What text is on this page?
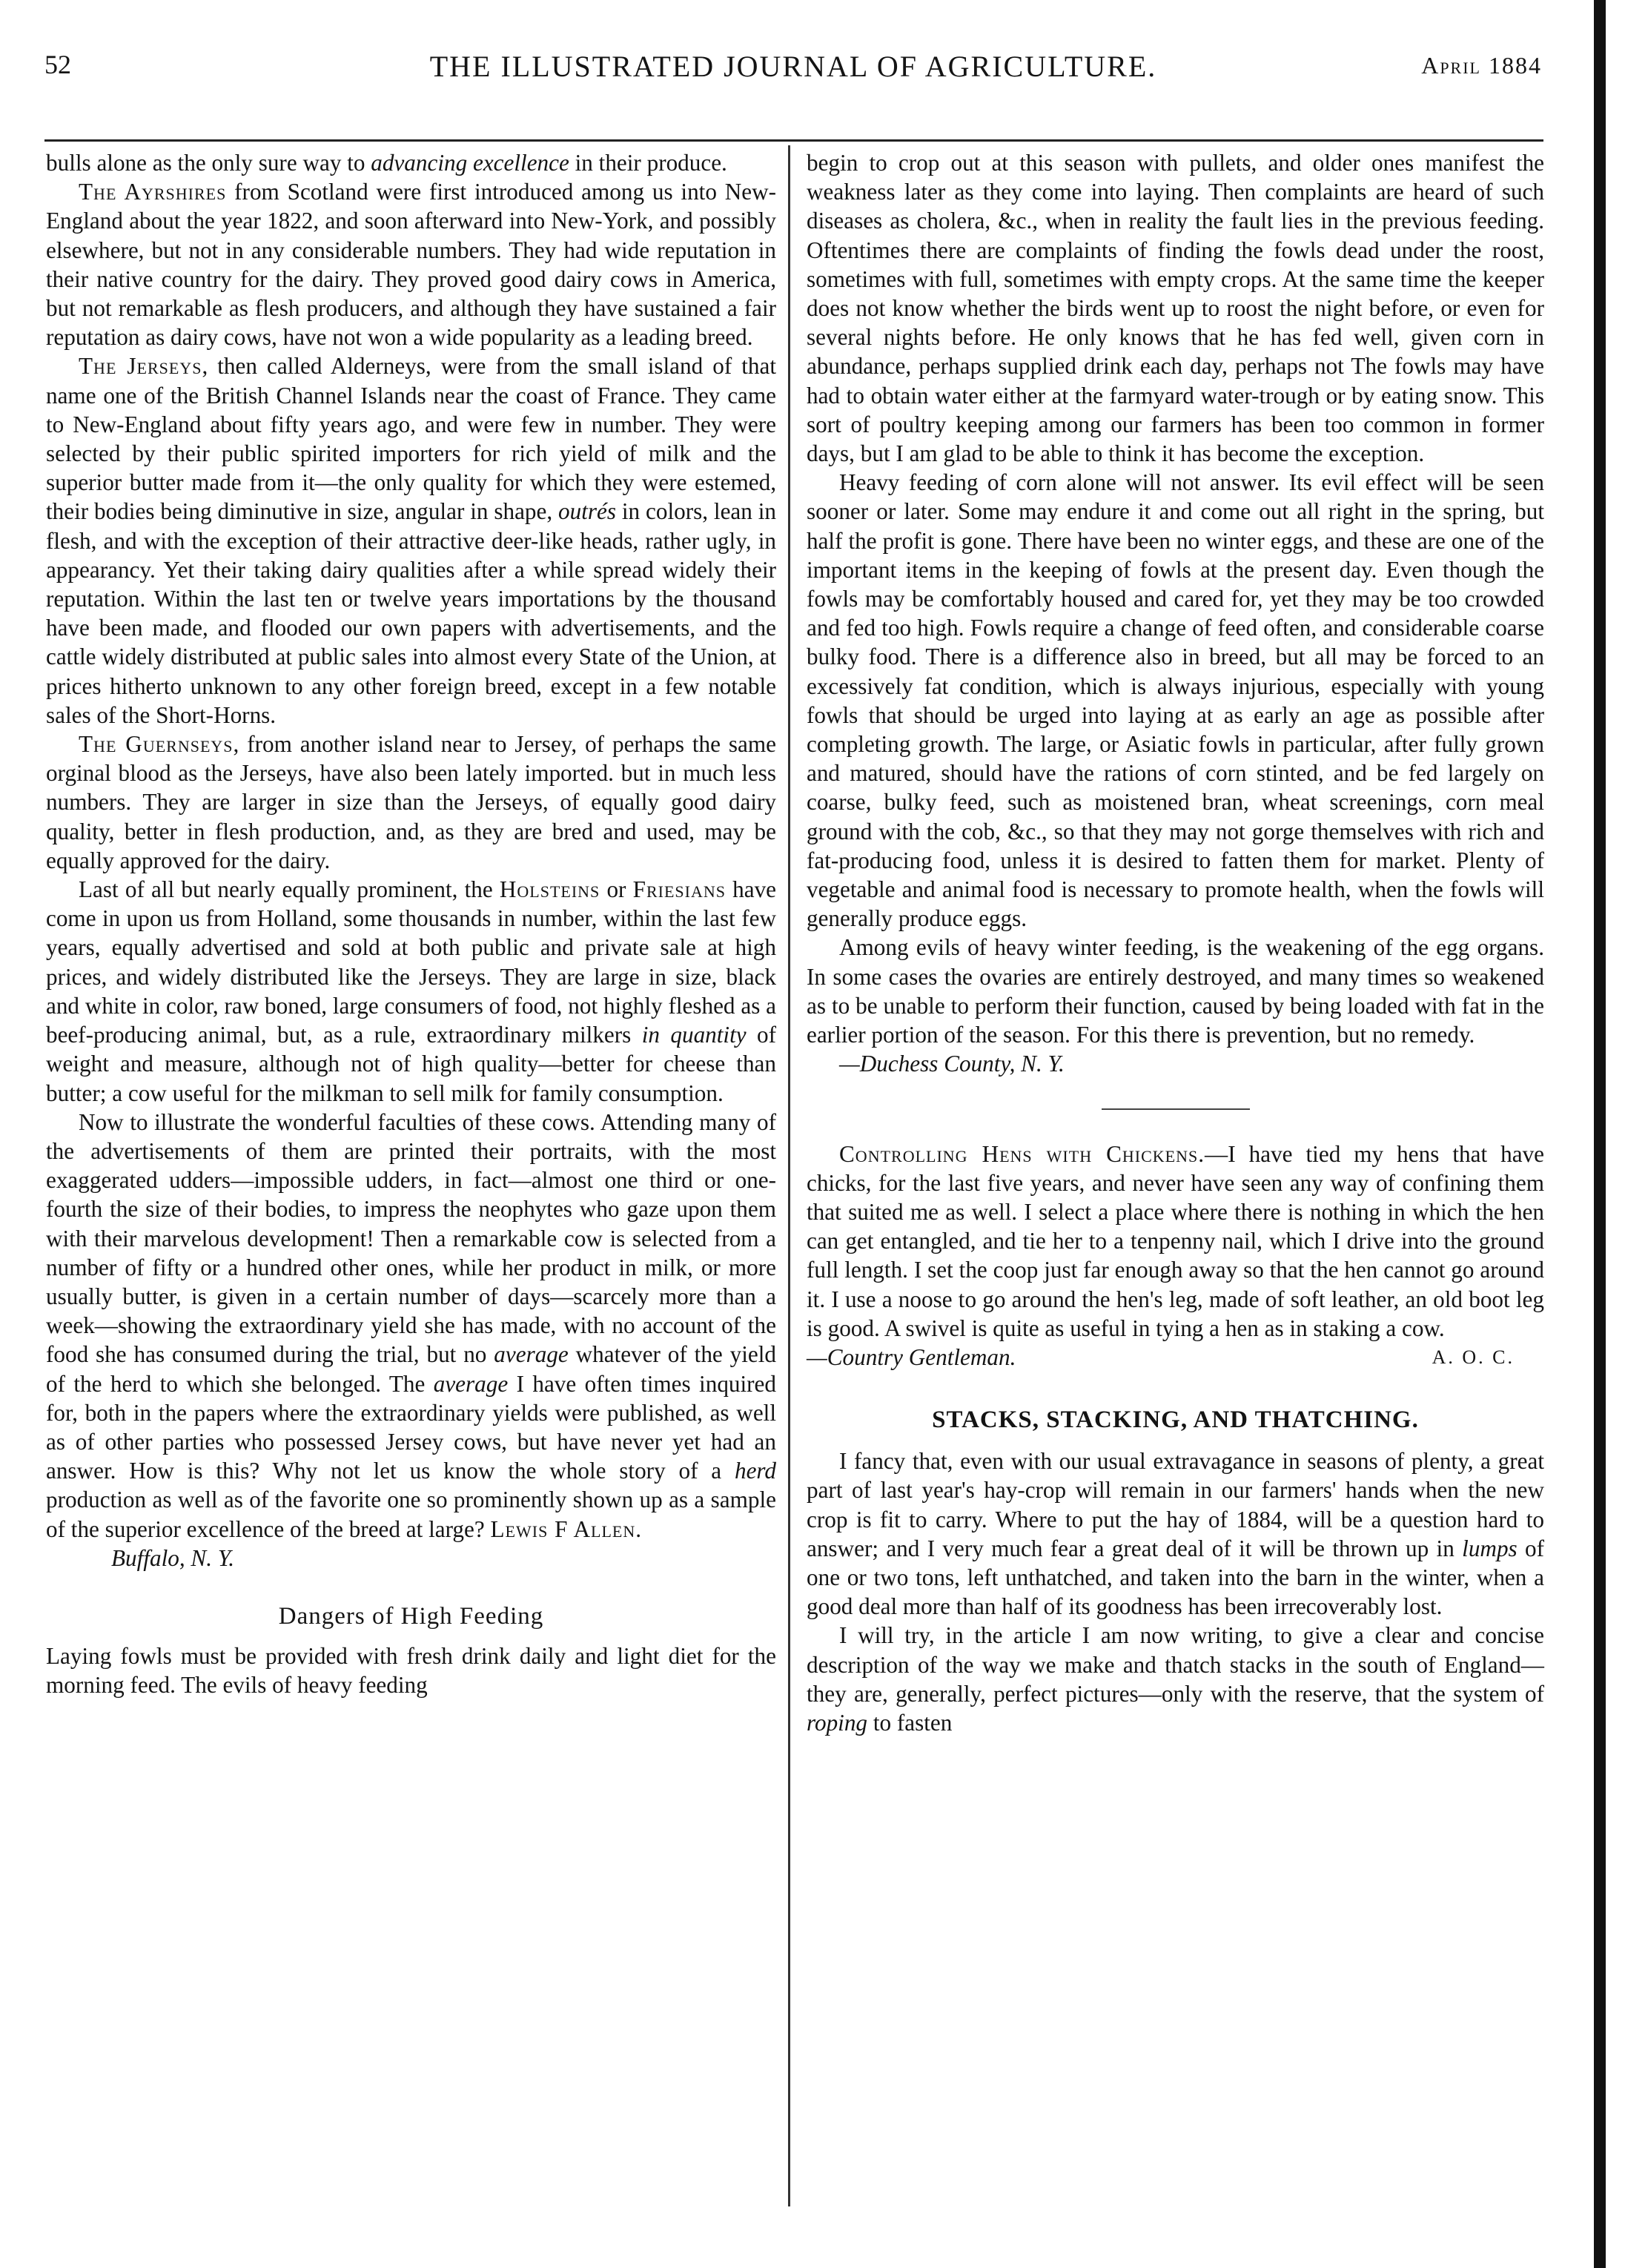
52	THE ILLUSTRATED JOURNAL OF AGRICULTURE.	April 1884

bulls alone as the only sure way to advancing excellence in their produce.

The Ayrshires from Scotland were first introduced among us into New-England about the year 1822, and soon afterward into New-York, and possibly elsewhere, but not in any considerable numbers. They had wide reputation in their native country for the dairy. They proved good dairy cows in America, but not remarkable as flesh producers, and although they have sustained a fair reputation as dairy cows, have not won a wide popularity as a leading breed.

The Jerseys, then called Alderneys, were from the small island of that name one of the British Channel Islands near the coast of France. They came to New-England about fifty years ago, and were few in number. They were selected by their public spirited importers for rich yield of milk and the superior butter made from it—the only quality for which they were estemed, their bodies being diminutive in size, angular in shape, outrés in colors, lean in flesh, and with the exception of their attractive deer-like heads, rather ugly, in appearancy. Yet their taking dairy qualities after a while spread widely their reputation. Within the last ten or twelve years importations by the thousand have been made, and flooded our own papers with advertisements, and the cattle widely distributed at public sales into almost every State of the Union, at prices hitherto unknown to any other foreign breed, except in a few notable sales of the Short-Horns.

The Guernseys, from another island near to Jersey, of perhaps the same orginal blood as the Jerseys, have also been lately imported. but in much less numbers. They are larger in size than the Jerseys, of equally good dairy quality, better in flesh production, and, as they are bred and used, may be equally approved for the dairy.

Last of all but nearly equally prominent, the Holsteins or Friesians have come in upon us from Holland, some thousands in number, within the last few years, equally advertised and sold at both public and private sale at high prices, and widely distributed like the Jerseys. They are large in size, black and white in color, raw boned, large consumers of food, not highly fleshed as a beef-producing animal, but, as a rule, extraordinary milkers in quantity of weight and measure, although not of high quality—better for cheese than butter; a cow useful for the milkman to sell milk for family consumption.

Now to illustrate the wonderful faculties of these cows. Attending many of the advertisements of them are printed their portraits, with the most exaggerated udders—impossible udders, in fact—almost one third or one-fourth the size of their bodies, to impress the neophytes who gaze upon them with their marvelous development! Then a remarkable cow is selected from a number of fifty or a hundred other ones, while her product in milk, or more usually butter, is given in a certain number of days—scarcely more than a week—showing the extraordinary yield she has made, with no account of the food she has consumed during the trial, but no average whatever of the yield of the herd to which she belonged. The average I have often times inquired for, both in the papers where the extraordinary yields were published, as well as of other parties who possessed Jersey cows, but have never yet had an answer. How is this? Why not let us know the whole story of a herd production as well as of the favorite one so prominently shown up as a sample of the superior excellence of the breed at large? Lewis F Allen.

Buffalo, N. Y.

Dangers of High Feeding

Laying fowls must be provided with fresh drink daily and light diet for the morning feed. The evils of heavy feeding

begin to crop out at this season with pullets, and older ones manifest the weakness later as they come into laying. Then complaints are heard of such diseases as cholera, &c., when in reality the fault lies in the previous feeding. Oftentimes there are complaints of finding the fowls dead under the roost, sometimes with full, sometimes with empty crops. At the same time the keeper does not know whether the birds went up to roost the night before, or even for several nights before. He only knows that he has fed well, given corn in abundance, perhaps supplied drink each day, perhaps not The fowls may have had to obtain water either at the farmyard water-trough or by eating snow. This sort of poultry keeping among our farmers has been too common in former days, but I am glad to be able to think it has become the exception.

Heavy feeding of corn alone will not answer. Its evil effect will be seen sooner or later. Some may endure it and come out all right in the spring, but half the profit is gone. There have been no winter eggs, and these are one of the important items in the keeping of fowls at the present day. Even though the fowls may be comfortably housed and cared for, yet they may be too crowded and fed too high. Fowls require a change of feed often, and considerable coarse bulky food. There is a difference also in breed, but all may be forced to an excessively fat condition, which is always injurious, especially with young fowls that should be urged into laying at as early an age as possible after completing growth. The large, or Asiatic fowls in particular, after fully grown and matured, should have the rations of corn stinted, and be fed largely on coarse, bulky feed, such as moistened bran, wheat screenings, corn meal ground with the cob, &c., so that they may not gorge themselves with rich and fat-producing food, unless it is desired to fatten them for market. Plenty of vegetable and animal food is necessary to promote health, when the fowls will generally produce eggs.

Among evils of heavy winter feeding, is the weakening of the egg organs. In some cases the ovaries are entirely destroyed, and many times so weakened as to be unable to perform their function, caused by being loaded with fat in the earlier portion of the season. For this there is prevention, but no remedy.

—Duchess County, N. Y.

Controlling Hens with Chickens.—I have tied my hens that have chicks, for the last five years, and never have seen any way of confining them that suited me as well. I select a place where there is nothing in which the hen can get entangled, and tie her to a tenpenny nail, which I drive into the ground full length. I set the coop just far enough away so that the hen cannot go around it. I use a noose to go around the hen's leg, made of soft leather, an old boot leg is good. A swivel is quite as useful in tying a hen as in staking a cow.

—Country Gentleman.	A. O. C.
STACKS, STACKING, AND THATCHING.

I fancy that, even with our usual extravagance in seasons of plenty, a great part of last year's hay-crop will remain in our farmers' hands when the new crop is fit to carry. Where to put the hay of 1884, will be a question hard to answer; and I very much fear a great deal of it will be thrown up in lumps of one or two tons, left unthatched, and taken into the barn in the winter, when a good deal more than half of its goodness has been irrecoverably lost.

I will try, in the article I am now writing, to give a clear and concise description of the way we make and thatch stacks in the south of England—they are, generally, perfect pictures—only with the reserve, that the system of roping to fasten
